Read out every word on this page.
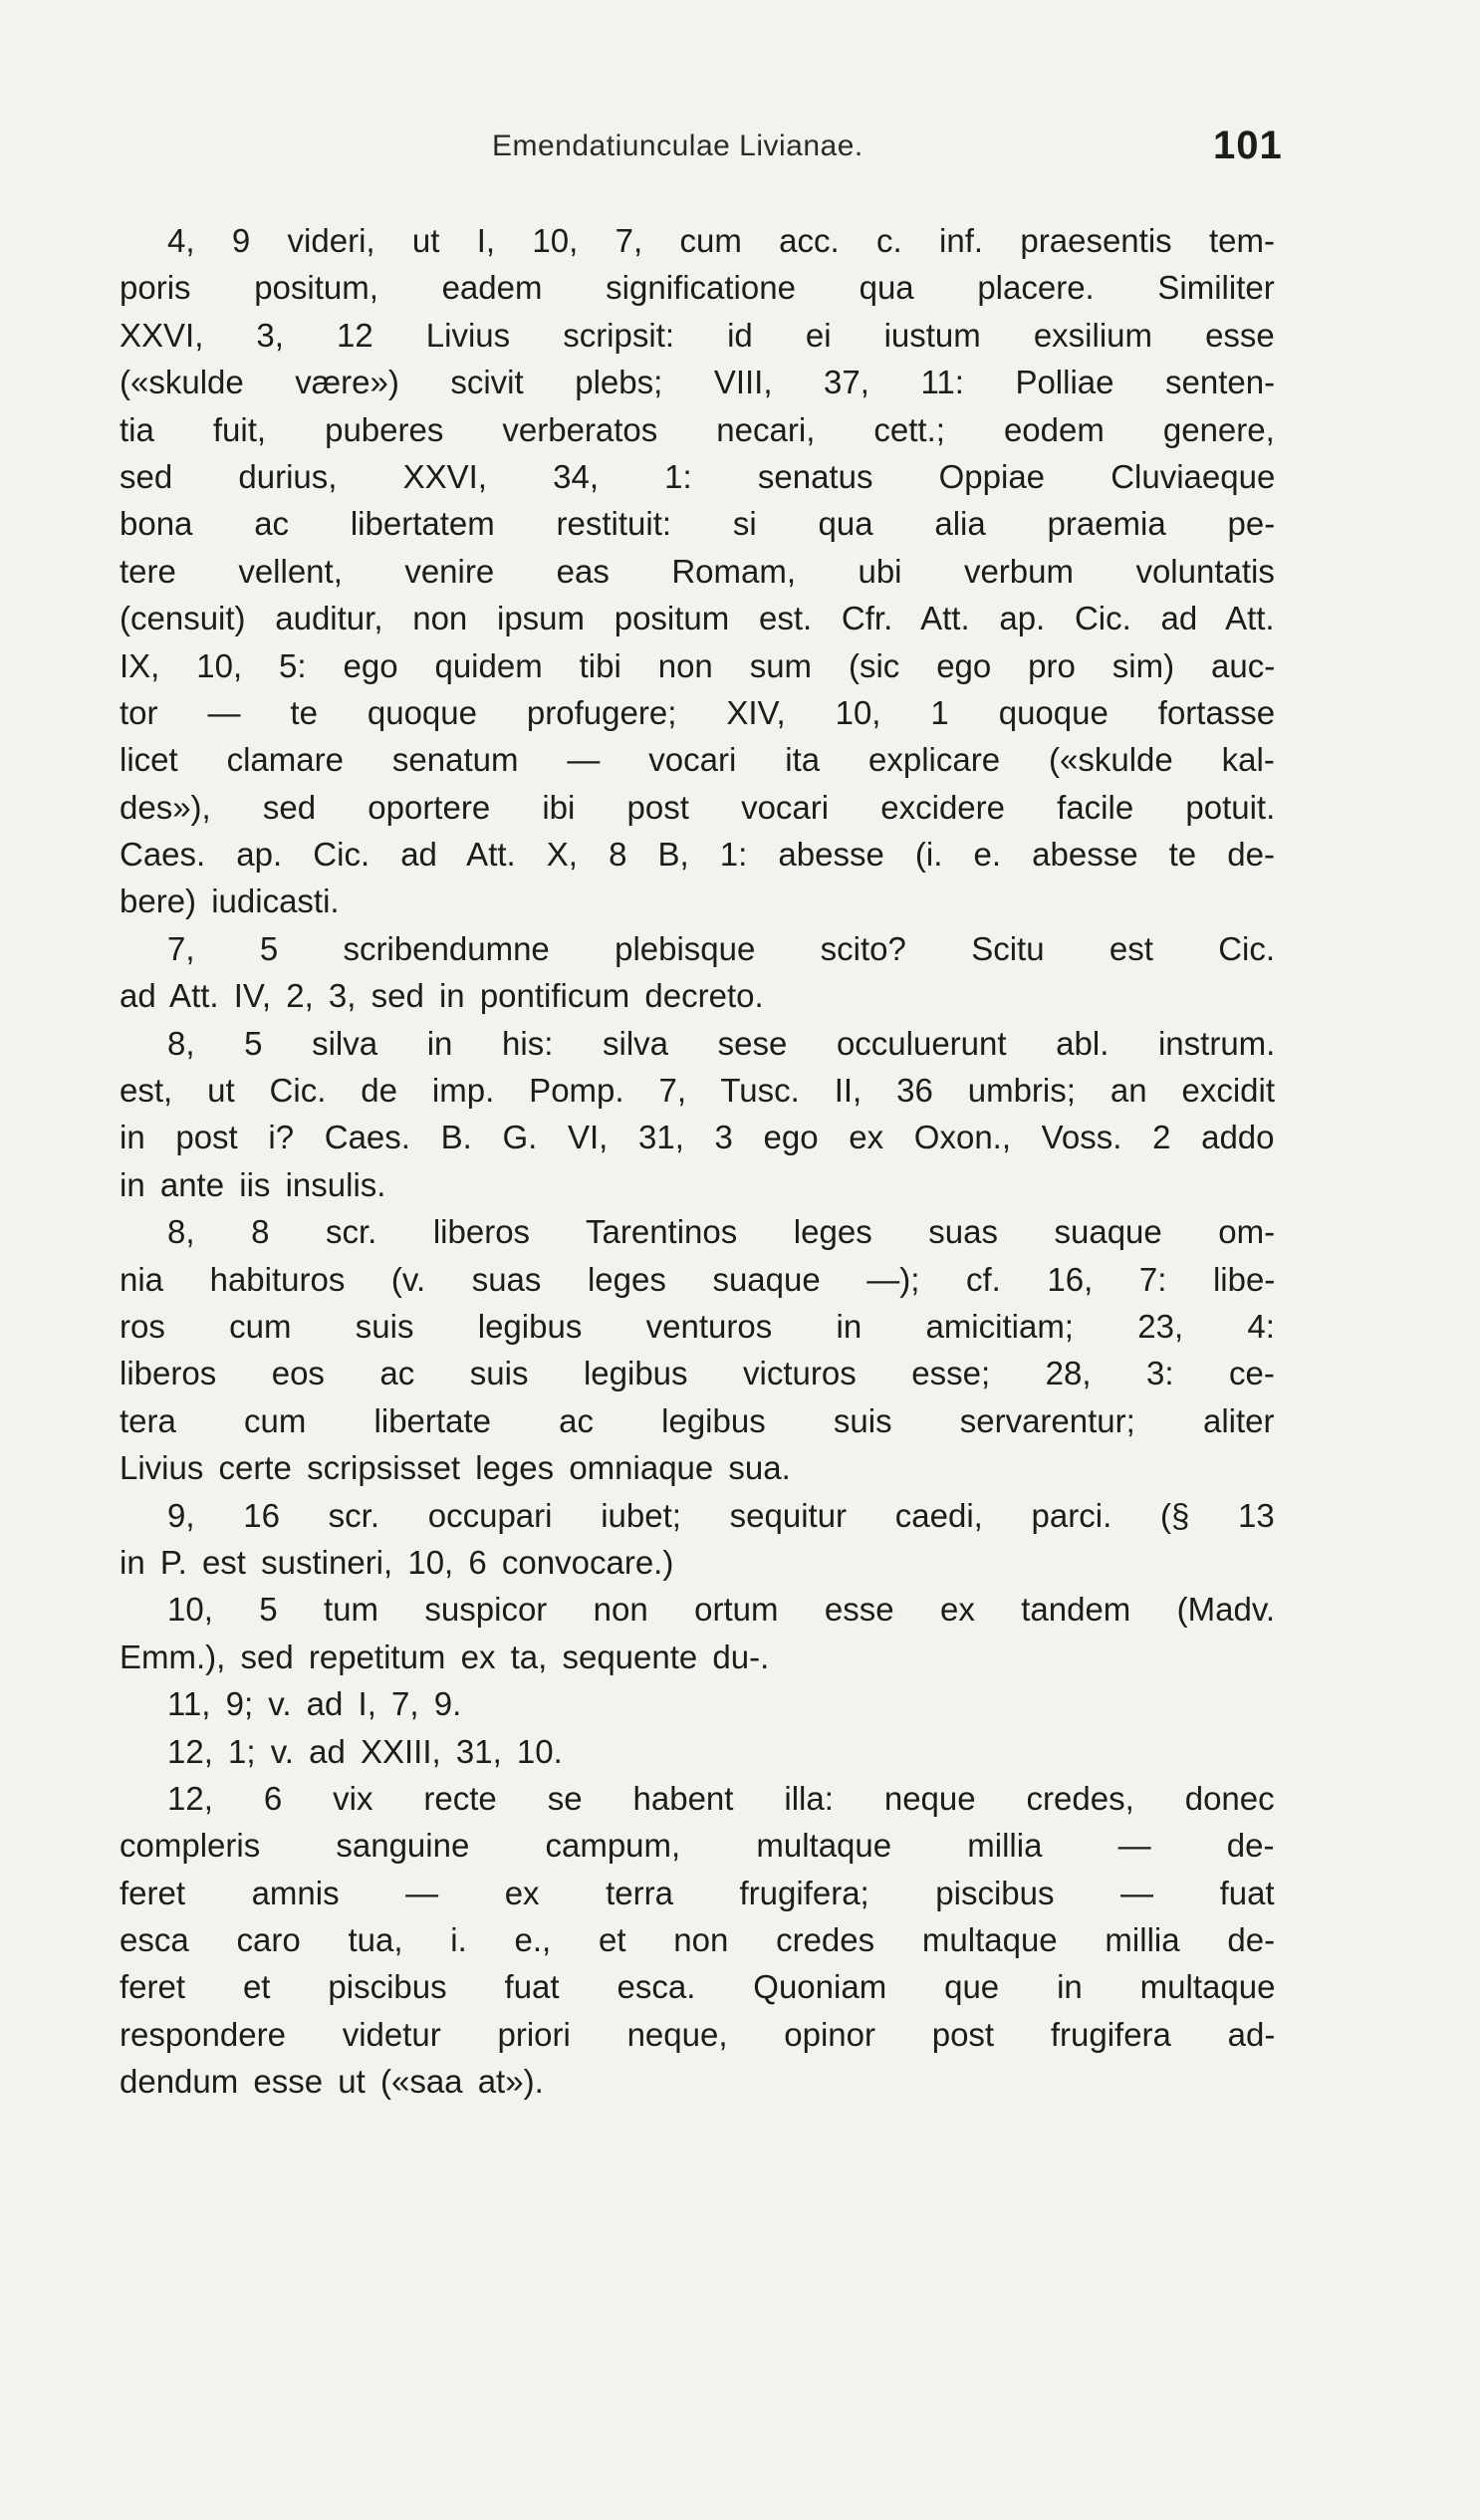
Emendatiunculae Livianae.	101
4, 9 videri, ut I, 10, 7, cum acc. c. inf. praesentis tem-
poris positum, eadem significatione qua placere. Similiter
XXVI, 3, 12 Livius scripsit: id ei iustum exsilium esse
(«skulde være») scivit plebs; VIII, 37, 11: Polliae senten-
tia fuit, puberes verberatos necari, cett.; eodem genere,
sed durius, XXVI, 34, 1: senatus Oppiae Cluviaeque
bona ac libertatem restituit: si qua alia praemia pe-
tere vellent, venire eas Romam, ubi verbum voluntatis
(censuit) auditur, non ipsum positum est. Cfr. Att. ap. Cic. ad Att.
IX, 10, 5: ego quidem tibi non sum (sic ego pro sim) auc-
tor — te quoque profugere; XIV, 10, 1 quoque fortasse
licet clamare senatum — vocari ita explicare («skulde kal-
des»), sed oportere ibi post vocari excidere facile potuit.
Caes. ap. Cic. ad Att. X, 8 B, 1: abesse (i. e. abesse te de-
bere) iudicasti.
7, 5 scribendumne plebisque scito? Scitu est Cic.
ad Att. IV, 2, 3, sed in pontificum decreto.
8, 5 silva in his: silva sese occuluerunt abl. instrum.
est, ut Cic. de imp. Pomp. 7, Tusc. II, 36 umbris; an excidit
in post i? Caes. B. G. VI, 31, 3 ego ex Oxon., Voss. 2 addo
in ante iis insulis.
8, 8 scr. liberos Tarentinos leges suas suaque om-
nia habituros (v. suas leges suaque —); cf. 16, 7: libe-
ros cum suis legibus venturos in amicitiam; 23, 4:
liberos eos ac suis legibus victuros esse; 28, 3: ce-
tera cum libertate ac legibus suis servarentur; aliter
Livius certe scripsisset leges omniaque sua.
9, 16 scr. occupari iubet; sequitur caedi, parci. (§ 13
in P. est sustineri, 10, 6 convocare.)
10, 5 tum suspicor non ortum esse ex tandem (Madv.
Emm.), sed repetitum ex ta, sequente du-.
11, 9; v. ad I, 7, 9.
12, 1; v. ad XXIII, 31, 10.
12, 6 vix recte se habent illa: neque credes, donec
compleris sanguine campum, multaque millia — de-
feret amnis — ex terra frugifera; piscibus — fuat
esca caro tua, i. e., et non credes multaque millia de-
feret et piscibus fuat esca. Quoniam que in multaque
respondere videtur priori neque, opinor post frugifera ad-
dendum esse ut («saa at»).
